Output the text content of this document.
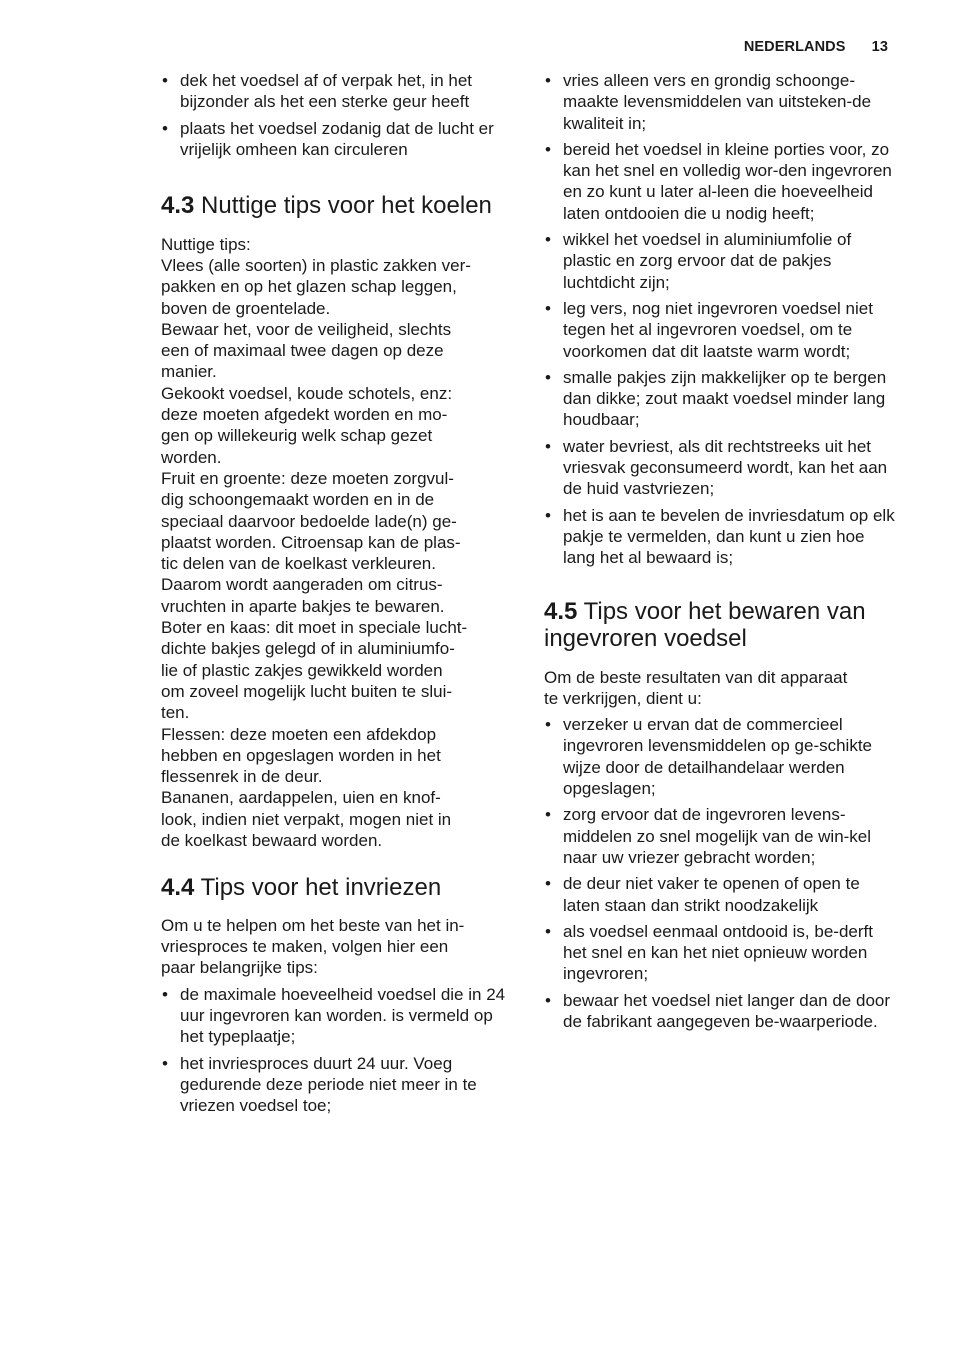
NEDERLANDS 13
• dek het voedsel af of verpak het, in het bijzonder als het een sterke geur heeft
• plaats het voedsel zodanig dat de lucht er vrijelijk omheen kan circuleren
4.3 Nuttige tips voor het koelen
Nuttige tips:
Vlees (alle soorten) in plastic zakken ver-
pakken en op het glazen schap leggen,
boven de groentelade.
Bewaar het, voor de veiligheid, slechts
een of maximaal twee dagen op deze
manier.
Gekookt voedsel, koude schotels, enz:
deze moeten afgedekt worden en mo-
gen op willekeurig welk schap gezet
worden.
Fruit en groente: deze moeten zorgvul-
dig schoongemaakt worden en in de
speciaal daarvoor bedoelde lade(n) ge-
plaatst worden. Citroensap kan de plas-
tic delen van de koelkast verkleuren.
Daarom wordt aangeraden om citrus-
vruchten in aparte bakjes te bewaren.
Boter en kaas: dit moet in speciale lucht-
dichte bakjes gelegd of in aluminiumfo-
lie of plastic zakjes gewikkeld worden
om zoveel mogelijk lucht buiten te slui-
ten.
Flessen: deze moeten een afdekdop
hebben en opgeslagen worden in het
flessenrek in de deur.
Bananen, aardappelen, uien en knof-
look, indien niet verpakt, mogen niet in
de koelkast bewaard worden.
4.4 Tips voor het invriezen
Om u te helpen om het beste van het in-
vriesproces te maken, volgen hier een
paar belangrijke tips:
• de maximale hoeveelheid voedsel die in 24 uur ingevroren kan worden. is vermeld op het typeplaatje;
• het invriesproces duurt 24 uur. Voeg gedurende deze periode niet meer in te vriezen voedsel toe;
• vries alleen vers en grondig schoonge-maakte levensmiddelen van uitsteken-de kwaliteit in;
• bereid het voedsel in kleine porties voor, zo kan het snel en volledig wor-den ingevroren en zo kunt u later al-leen die hoeveelheid laten ontdooien die u nodig heeft;
• wikkel het voedsel in aluminiumfolie of plastic en zorg ervoor dat de pakjes luchtdicht zijn;
• leg vers, nog niet ingevroren voedsel niet tegen het al ingevroren voedsel, om te voorkomen dat dit laatste warm wordt;
• smalle pakjes zijn makkelijker op te bergen dan dikke; zout maakt voedsel minder lang houdbaar;
• water bevriest, als dit rechtstreeks uit het vriesvak geconsumeerd wordt, kan het aan de huid vastvriezen;
• het is aan te bevelen de invriesdatum op elk pakje te vermelden, dan kunt u zien hoe lang het al bewaard is;
4.5 Tips voor het bewaren van ingevroren voedsel
Om de beste resultaten van dit apparaat
te verkrijgen, dient u:
• verzeker u ervan dat de commercieel ingevroren levensmiddelen op ge-schikte wijze door de detailhandelaar werden opgeslagen;
• zorg ervoor dat de ingevroren levens-middelen zo snel mogelijk van de win-kel naar uw vriezer gebracht worden;
• de deur niet vaker te openen of open te laten staan dan strikt noodzakelijk
• als voedsel eenmaal ontdooid is, be-derft het snel en kan het niet opnieuw worden ingevroren;
• bewaar het voedsel niet langer dan de door de fabrikant aangegeven be-waarperiode.
